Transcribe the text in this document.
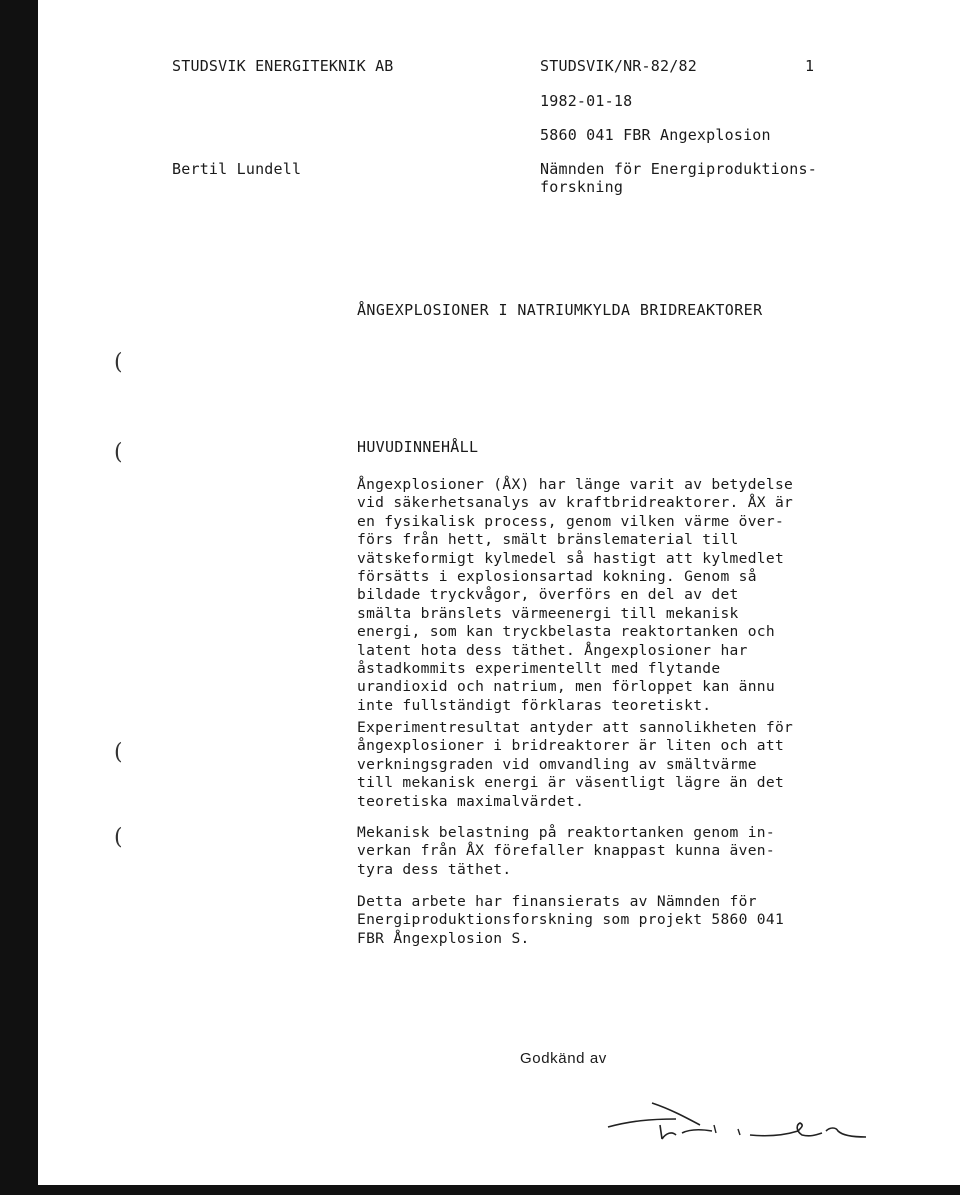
STUDSVIK ENERGITEKNIK AB	STUDSVIK/NR-82/82	1
1982-01-18
5860 041 FBR Angexplosion
Bertil Lundell	Nämnden för Energiproduktions-
forskning
ÅNGEXPLOSIONER I NATRIUMKYLDA BRIDREAKTORER
(
(
(
(
HUVUDINNEHÅLL
Ångexplosioner (ÅX) har länge varit av betydelse
vid säkerhetsanalys av kraftbridreaktorer. ÅX är
en fysikalisk process, genom vilken värme över-
förs från hett, smält bränslematerial till
vätskeformigt kylmedel så hastigt att kylmedlet
försätts i explosionsartad kokning. Genom så
bildade tryckvågor, överförs en del av det
smälta bränslets värmeenergi till mekanisk
energi, som kan tryckbelasta reaktortanken och
latent hota dess täthet. Ångexplosioner har
åstadkommits experimentellt med flytande
urandioxid och natrium, men förloppet kan ännu
inte fullständigt förklaras teoretiskt.
Experimentresultat antyder att sannolikheten för
ångexplosioner i bridreaktorer är liten och att
verkningsgraden vid omvandling av smältvärme
till mekanisk energi är väsentligt lägre än det
teoretiska maximalvärdet.
Mekanisk belastning på reaktortanken genom in-
verkan från ÅX förefaller knappast kunna även-
tyra dess täthet.
Detta arbete har finansierats av Nämnden för
Energiproduktionsforskning som projekt 5860 041
FBR Ångexplosion S.
Godkänd av
